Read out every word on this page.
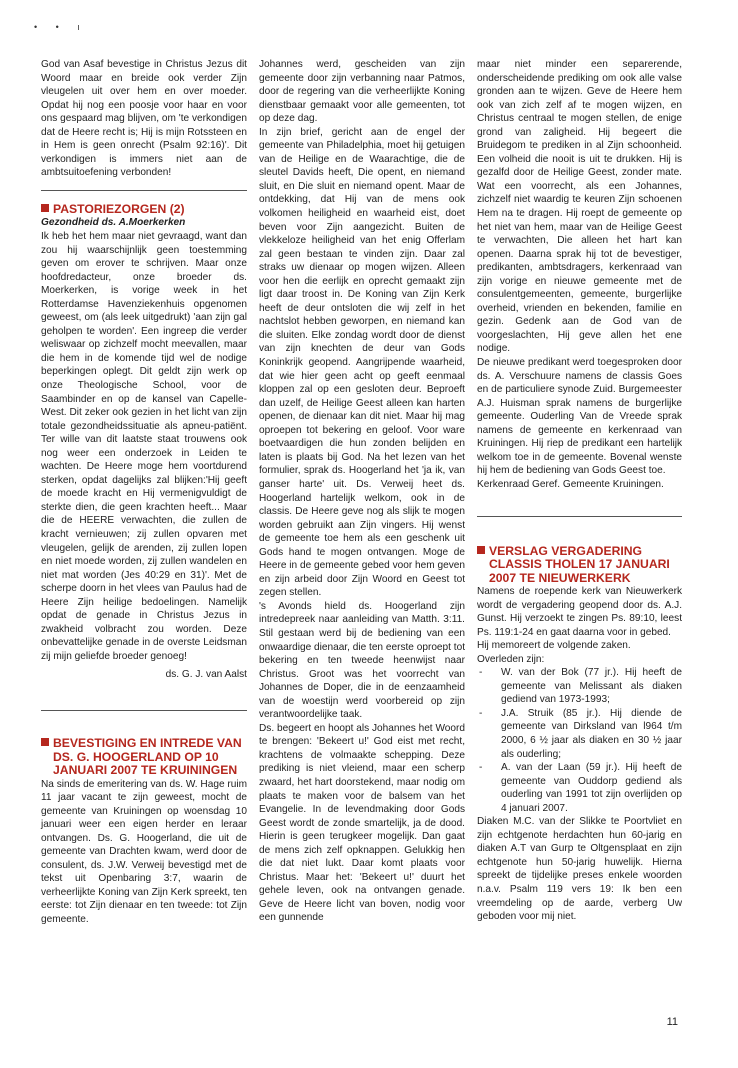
• • ı

God van Asaf bevestige in Christus Jezus dit Woord maar en breide ook verder Zijn vleugelen uit over hem en over moeder. Opdat hij nog een poosje voor haar en voor ons gespaard mag blijven, om 'te verkondigen dat de Heere recht is; Hij is mijn Rotssteen en in Hem is geen onrecht (Psalm 92:16)'. Dit verkondigen is immers niet aan de ambtsuitoefening verbonden!

PASTORIEZORGEN (2)

Gezondheid ds. A.Moerkerken

Ik heb het hem maar niet gevraagd, want dan zou hij waarschijnlijk geen toestemming geven om erover te schrijven. Maar onze hoofdredacteur, onze broeder ds. Moerkerken, is vorige week in het Rotterdamse Havenziekenhuis opgenomen geweest, om (als leek uitgedrukt) 'aan zijn gal geholpen te worden'. Een ingreep die verder weliswaar op zichzelf mocht meevallen, maar die hem in de komende tijd wel de nodige beperkingen oplegt. Dit geldt zijn werk op onze Theologische School, voor de Saambinder en op de kansel van Capelle-West. Dit zeker ook gezien in het licht van zijn totale gezondheidssituatie als apneu-patiënt. Ter wille van dit laatste staat trouwens ook nog weer een onderzoek in Leiden te wachten. De Heere moge hem voortdurend sterken, opdat dagelijks zal blijken:'Hij geeft de moede kracht en Hij vermenigvuldigt de sterkte dien, die geen krachten heeft... Maar die de HEERE verwachten, die zullen de kracht vernieuwen; zij zullen opvaren met vleugelen, gelijk de arenden, zij zullen lopen en niet moede worden, zij zullen wandelen en niet mat worden (Jes 40:29 en 31)'. Met de scherpe doorn in het vlees van Paulus had de Heere Zijn heilige bedoelingen. Namelijk opdat de genade in Christus Jezus in zwakheid volbracht zou worden. Deze onbevattelijke genade in de overste Leidsman zij mijn geliefde broeder genoeg!

ds. G. J. van Aalst

BEVESTIGING EN INTREDE VAN DS. G. HOOGERLAND OP 10 JANUARI 2007 TE KRUININGEN

Na sinds de emeritering van ds. W. Hage ruim 11 jaar vacant te zijn geweest, mocht de gemeente van Kruiningen op woensdag 10 januari weer een eigen herder en leraar ontvangen. Ds. G. Hoogerland, die uit de gemeente van Drachten kwam, werd door de consulent, ds. J.W. Verweij bevestigd met de tekst uit Openbaring 3:7, waarin de verheerlijkte Koning van Zijn Kerk spreekt, ten eerste: tot Zijn dienaar en ten tweede: tot Zijn gemeente.

Johannes werd, gescheiden van zijn gemeente door zijn verbanning naar Patmos, door de regering van die verheerlijkte Koning dienstbaar gemaakt voor alle gemeenten, tot op deze dag.

In zijn brief, gericht aan de engel der gemeente van Philadelphia, moet hij getuigen van de Heilige en de Waarachtige, die de sleutel Davids heeft, Die opent, en niemand sluit, en Die sluit en niemand opent. Maar de ontdekking, dat Hij van de mens ook volkomen heiligheid en waarheid eist, doet beven voor Zijn aangezicht. Buiten de vlekkeloze heiligheid van het enig Offerlam zal geen bestaan te vinden zijn. Daar zal straks uw dienaar op mogen wijzen. Alleen voor hen die eerlijk en oprecht gemaakt zijn ligt daar troost in. De Koning van Zijn Kerk heeft de deur ontsloten die wij zelf in het nachtslot hebben geworpen, en niemand kan die sluiten. Elke zondag wordt door de dienst van zijn knechten de deur van Gods Koninkrijk geopend. Aangrijpende waarheid, dat wie hier geen acht op geeft eenmaal kloppen zal op een gesloten deur. Beproeft dan uzelf, de Heilige Geest alleen kan harten openen, de dienaar kan dit niet. Maar hij mag oproepen tot bekering en geloof. Voor ware boetvaardigen die hun zonden belijden en laten is plaats bij God. Na het lezen van het formulier, sprak ds. Hoogerland het 'ja ik, van ganser harte' uit. Ds. Verweij heet ds. Hoogerland hartelijk welkom, ook in de classis. De Heere geve nog als slijk te mogen worden gebruikt aan Zijn vingers. Hij wenst de gemeente toe hem als een geschenk uit Gods hand te mogen ontvangen. Moge de Heere in de gemeente gebed voor hem geven en zijn arbeid door Zijn Woord en Geest tot zegen stellen.

's Avonds hield ds. Hoogerland zijn intredepreek naar aanleiding van Matth. 3:11. Stil gestaan werd bij de bediening van een onwaardige dienaar, die ten eerste oproept tot bekering en ten tweede heenwijst naar Christus. Groot was het voorrecht van Johannes de Doper, die in de eenzaamheid van de woestijn werd voorbereid op zijn verantwoordelijke taak.

Ds. begeert en hoopt als Johannes het Woord te brengen: 'Bekeert u!' God eist met recht, krachtens de volmaakte schepping. Deze prediking is niet vleiend, maar een scherp zwaard, het hart doorstekend, maar nodig om plaats te maken voor de balsem van het Evangelie. In de levendmaking door Gods Geest wordt de zonde smartelijk, ja de dood. Hierin is geen terugkeer mogelijk. Dan gaat de mens zich zelf opknappen. Gelukkig hen die dat niet lukt. Daar komt plaats voor Christus. Maar het: 'Bekeert u!' duurt het gehele leven, ook na ontvangen genade. Geve de Heere licht van boven, nodig voor een gunnende

maar niet minder een separerende, onderscheidende prediking om ook alle valse gronden aan te wijzen. Geve de Heere hem ook van zich zelf af te mogen wijzen, en Christus centraal te mogen stellen, de enige grond van zaligheid. Hij begeert die Bruidegom te prediken in al Zijn schoonheid. Een volheid die nooit is uit te drukken. Hij is gezalfd door de Heilige Geest, zonder mate. Wat een voorrecht, als een Johannes, zichzelf niet waardig te keuren Zijn schoenen Hem na te dragen. Hij roept de gemeente op het niet van hem, maar van de Heilige Geest te verwachten, Die alleen het hart kan openen. Daarna sprak hij tot de bevestiger, predikanten, ambtsdragers, kerkenraad van zijn vorige en nieuwe gemeente met de consulentgemeenten, gemeente, burgerlijke overheid, vrienden en bekenden, familie en gezin. Gedenk aan de God van de voorgeslachten, Hij geve allen het ene nodige.

De nieuwe predikant werd toegesproken door ds. A. Verschuure namens de classis Goes en de particuliere synode Zuid. Burgemeester A.J. Huisman sprak namens de burgerlijke gemeente. Ouderling Van de Vreede sprak namens de gemeente en kerkenraad van Kruiningen. Hij riep de predikant een hartelijk welkom toe in de gemeente. Bovenal wenste hij hem de bediening van Gods Geest toe.

Kerkenraad Geref. Gemeente Kruiningen.

VERSLAG VERGADERING CLASSIS THOLEN 17 JANUARI 2007 TE NIEUWERKERK

Namens de roepende kerk van Nieuwerkerk wordt de vergadering geopend door ds. A.J. Gunst. Hij verzoekt te zingen Ps. 89:10, leest Ps. 119:1-24 en gaat daarna voor in gebed.

Hij memoreert de volgende zaken.

Overleden zijn:

- W. van der Bok (77 jr.). Hij heeft de gemeente van Melissant als diaken gediend van 1973-1993;
- J.A. Struik (85 jr.). Hij diende de gemeente van Dirksland van l964 t/m 2000, 6 ½ jaar als diaken en 30 ½ jaar als ouderling;
- A. van der Laan (59 jr.). Hij heeft de gemeente van Ouddorp gediend als ouderling van 1991 tot zijn overlijden op 4 januari 2007.

Diaken M.C. van der Slikke te Poortvliet en zijn echtgenote herdachten hun 60-jarig en diaken A.T van Gurp te Oltgensplaat en zijn echtgenote hun 50-jarig huwelijk. Hierna spreekt de tijdelijke preses enkele woorden n.a.v. Psalm 119 vers 19: Ik ben een vreemdeling op de aarde, verberg Uw geboden voor mij niet.

11
